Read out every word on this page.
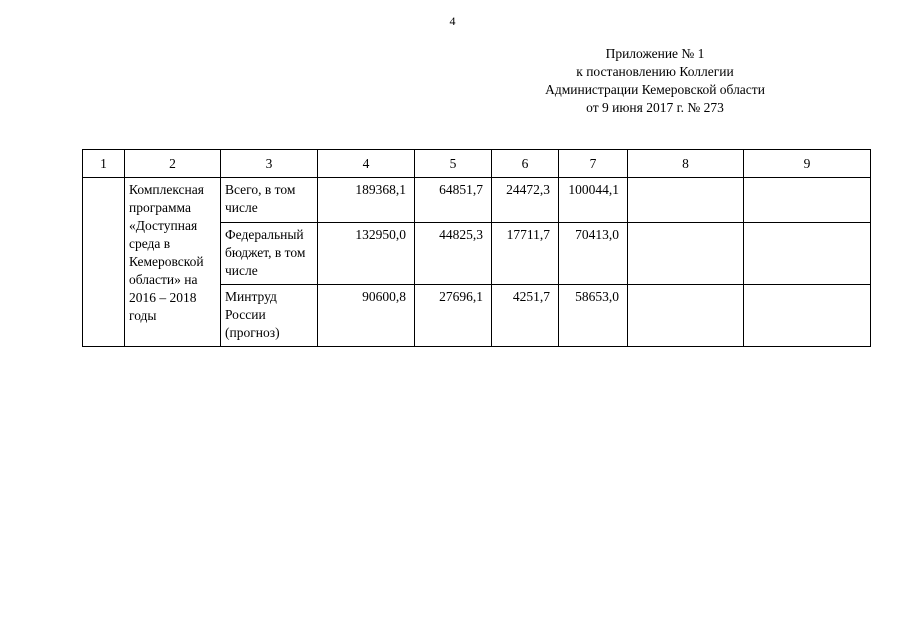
4
Приложение № 1
к постановлению Коллегии
Администрации Кемеровской области
от 9 июня 2017 г. № 273
1	2	3	4	5	6	7	8	9
	Комплексная программа «Доступная среда в Кемеровской области» на 2016 – 2018 годы	Всего, в том числе	189368,1	64851,7	24472,3	100044,1		
		Федеральный бюджет, в том числе	132950,0	44825,3	17711,7	70413,0		
		Минтруд России (прогноз)	90600,8	27696,1	4251,7	58653,0		
